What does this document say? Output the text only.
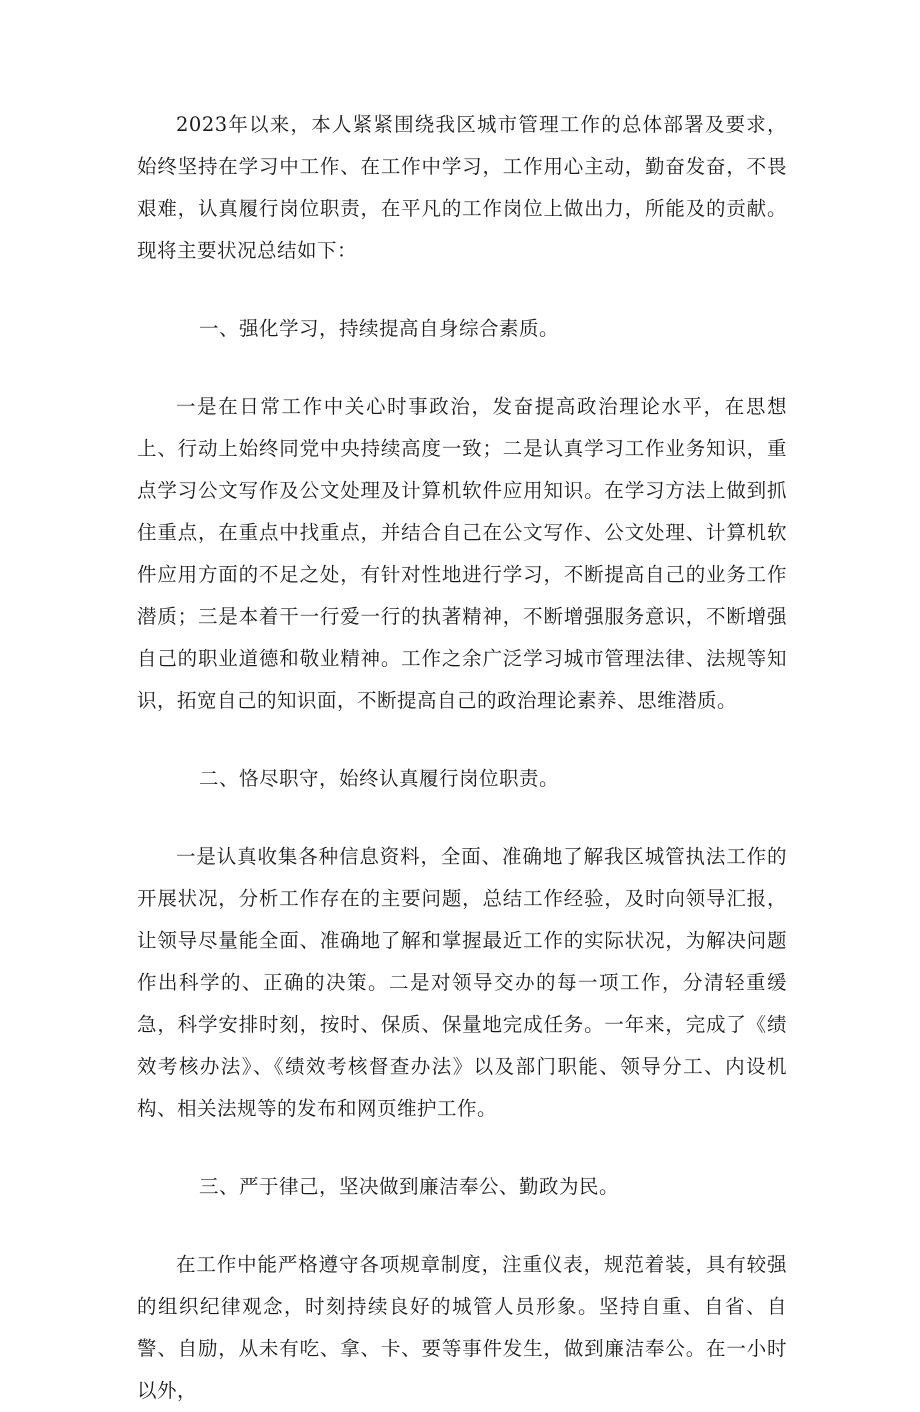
2023年以来，本人紧紧围绕我区城市管理工作的总体部署及要求，始终坚持在学习中工作、在工作中学习，工作用心主动，勤奋发奋，不畏艰难，认真履行岗位职责，在平凡的工作岗位上做出力，所能及的贡献。现将主要状况总结如下：

一、强化学习，持续提高自身综合素质。

一是在日常工作中关心时事政治，发奋提高政治理论水平，在思想上、行动上始终同党中央持续高度一致；二是认真学习工作业务知识，重点学习公文写作及公文处理及计算机软件应用知识。在学习方法上做到抓住重点，在重点中找重点，并结合自己在公文写作、公文处理、计算机软件应用方面的不足之处，有针对性地进行学习，不断提高自己的业务工作潜质；三是本着干一行爱一行的执著精神，不断增强服务意识，不断增强自己的职业道德和敬业精神。工作之余广泛学习城市管理法律、法规等知识，拓宽自己的知识面，不断提高自己的政治理论素养、思维潜质。

二、恪尽职守，始终认真履行岗位职责。

一是认真收集各种信息资料，全面、准确地了解我区城管执法工作的开展状况，分析工作存在的主要问题，总结工作经验，及时向领导汇报，让领导尽量能全面、准确地了解和掌握最近工作的实际状况，为解决问题作出科学的、正确的决策。二是对领导交办的每一项工作，分清轻重缓急，科学安排时刻，按时、保质、保量地完成任务。一年来，完成了《绩效考核办法》、《绩效考核督查办法》以及部门职能、领导分工、内设机构、相关法规等的发布和网页维护工作。

三、严于律己，坚决做到廉洁奉公、勤政为民。

在工作中能严格遵守各项规章制度，注重仪表，规范着装，具有较强的组织纪律观念，时刻持续良好的城管人员形象。坚持自重、自省、自警、自励，从未有吃、拿、卡、要等事件发生，做到廉洁奉公。在一小时以外，
